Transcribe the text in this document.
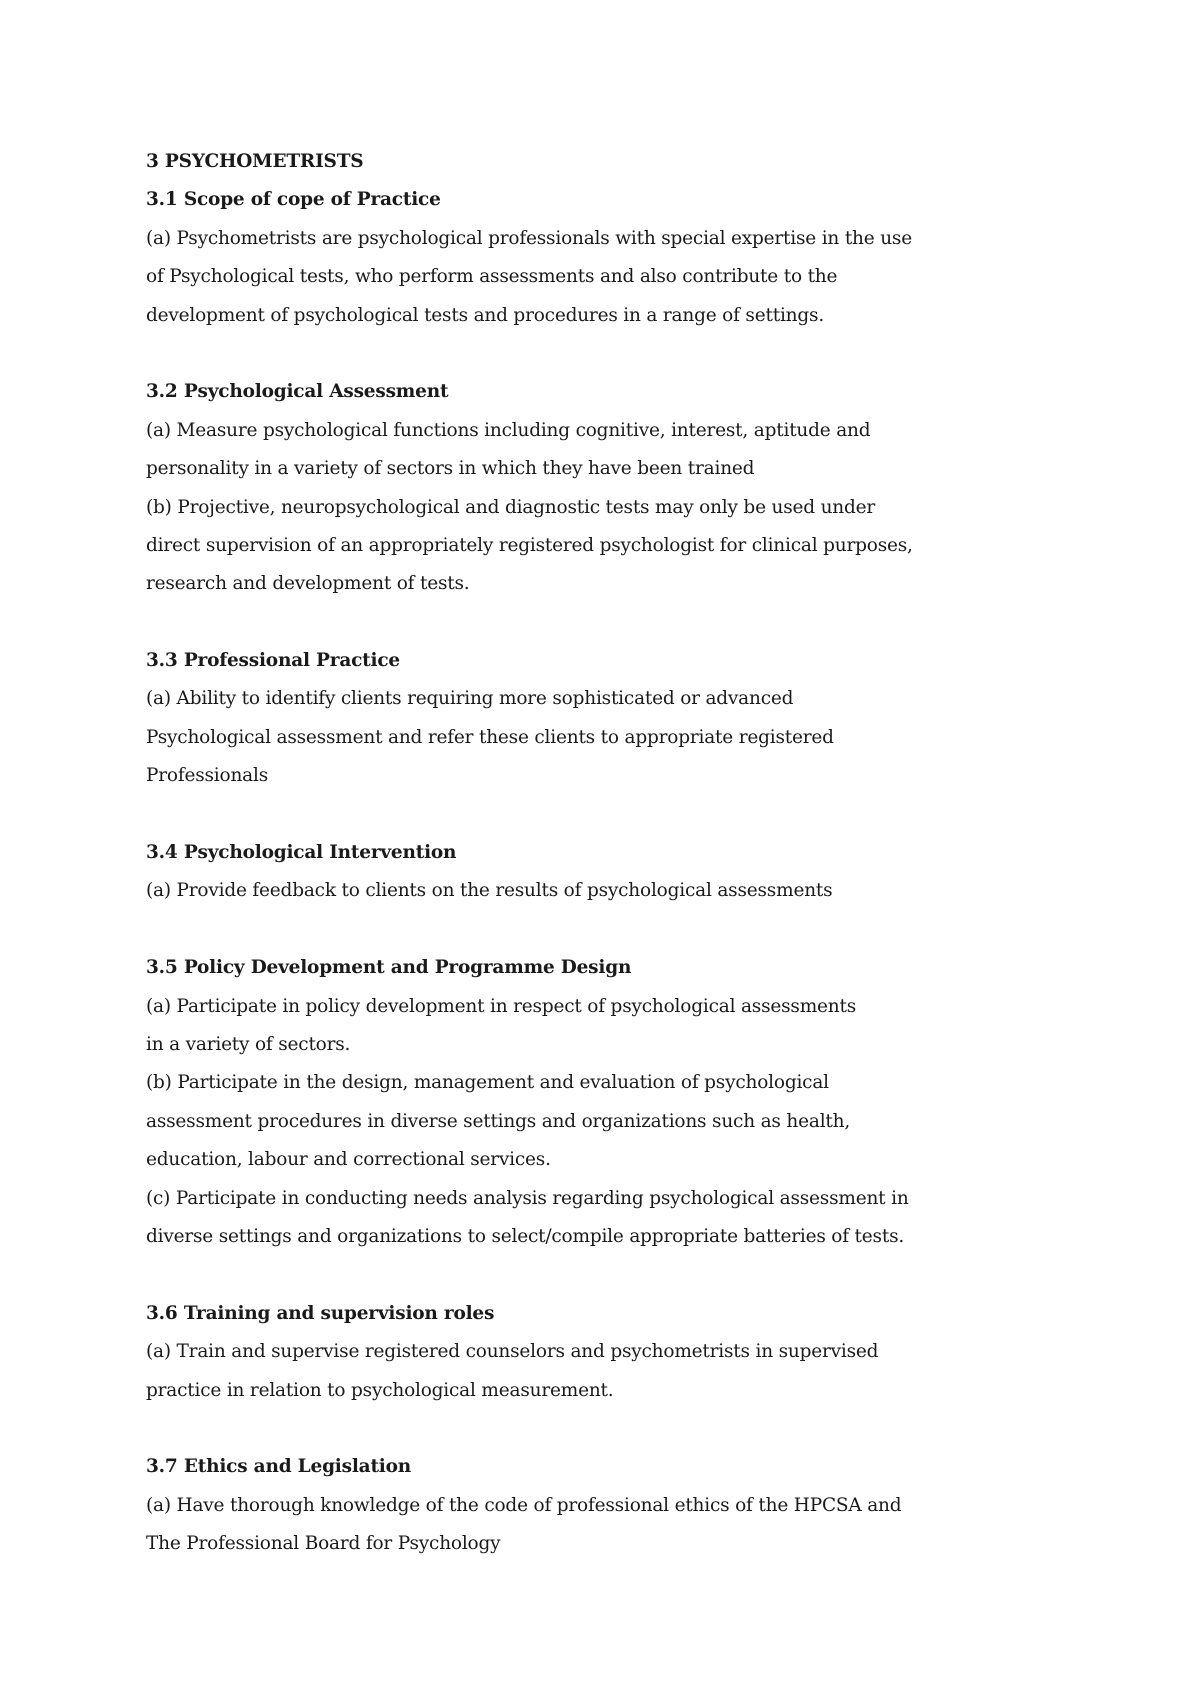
3 PSYCHOMETRISTS
3.1 Scope of cope of Practice
(a) Psychometrists are psychological professionals with special expertise in the use
of Psychological tests, who perform assessments and also contribute to the
development of psychological tests and procedures in a range of settings.
3.2 Psychological Assessment
(a) Measure psychological functions including cognitive, interest, aptitude and
personality in a variety of sectors in which they have been trained
(b) Projective, neuropsychological and diagnostic tests may only be used under
direct supervision of an appropriately registered psychologist for clinical purposes,
research and development of tests.
3.3 Professional Practice
(a) Ability to identify clients requiring more sophisticated or advanced
Psychological assessment and refer these clients to appropriate registered
Professionals
3.4 Psychological Intervention
(a) Provide feedback to clients on the results of psychological assessments
3.5 Policy Development and Programme Design
(a) Participate in policy development in respect of psychological assessments
in a variety of sectors.
(b) Participate in the design, management and evaluation of psychological
assessment procedures in diverse settings and organizations such as health,
education, labour and correctional services.
(c) Participate in conducting needs analysis regarding psychological assessment in
diverse settings and organizations to select/compile appropriate batteries of tests.
3.6 Training and supervision roles
(a) Train and supervise registered counselors and psychometrists in supervised
practice in relation to psychological measurement.
3.7 Ethics and Legislation
(a) Have thorough knowledge of the code of professional ethics of the HPCSA and
The Professional Board for Psychology
